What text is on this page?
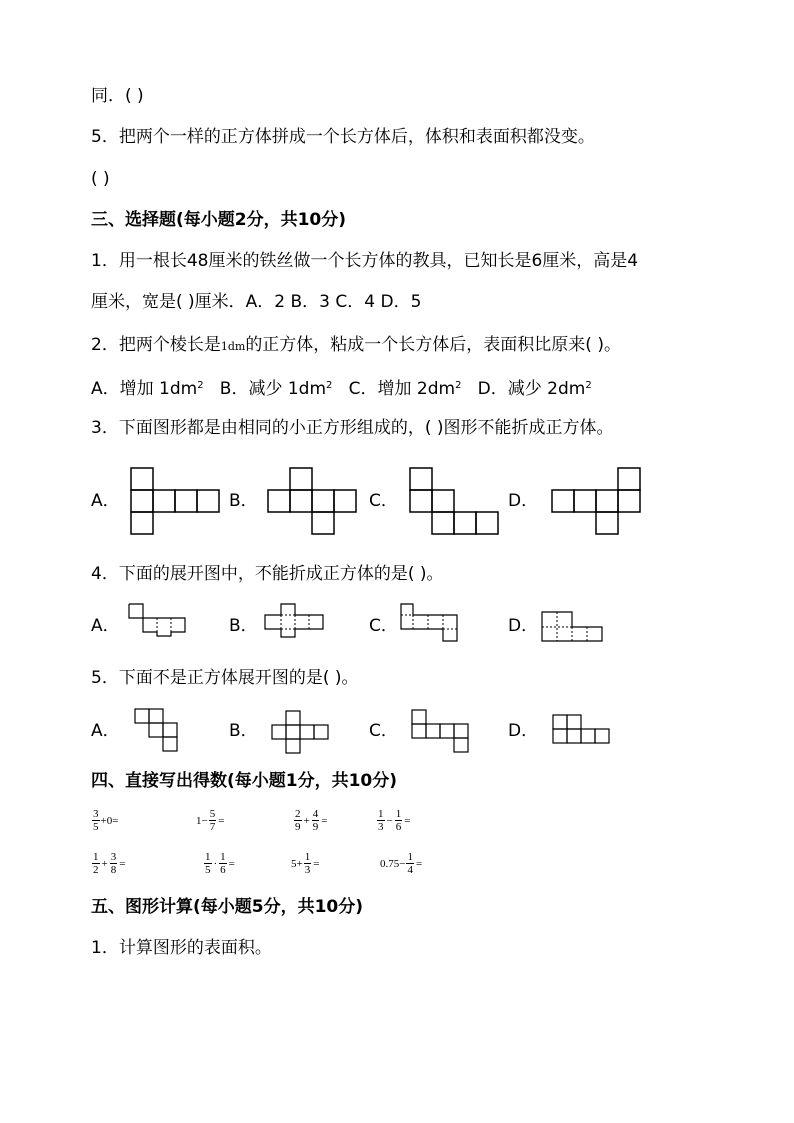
同．( )
5．把两个一样的正方体拼成一个长方体后，体积和表面积都没变。
( )
三、选择题(每小题2分，共10分)
1．用一根长48厘米的铁丝做一个长方体的教具，已知长是6厘米，高是4
厘米，宽是( )厘米．A．2 B．3 C．4 D．5
2．把两个棱长是1dm的正方体，粘成一个长方体后，表面积比原来( )。
A．增加 $1dm^2$ B．减少 $1dm^2$ C．增加 $2dm^2$ D．减少 $2dm^2$
3．下面图形都是由相同的小正方形组成的，( )图形不能折成正方体。
A．	B．	C．	D．
4．下面的展开图中，不能折成正方体的是( )。
A．	B．	C．	D．
5．下面不是正方体展开图的是( )。
A．	B．	C．	D．
四、直接写出得数(每小题1分，共10分)
$\frac{3}{5} +0=$	$1- \frac{5}{7}$ =	$\frac{2}{9} + \frac{4}{9}$ =	$\frac{1}{3} - \frac{1}{6}$ =
$\frac{1}{2} + \frac{3}{8}$ =	$\frac{1}{5} \cdot \frac{1}{6}$ =	$5+ \frac{1}{3}$ =	$0.75- \frac{1}{4}$ =
五、图形计算(每小题5分，共10分)
1．计算图形的表面积。
